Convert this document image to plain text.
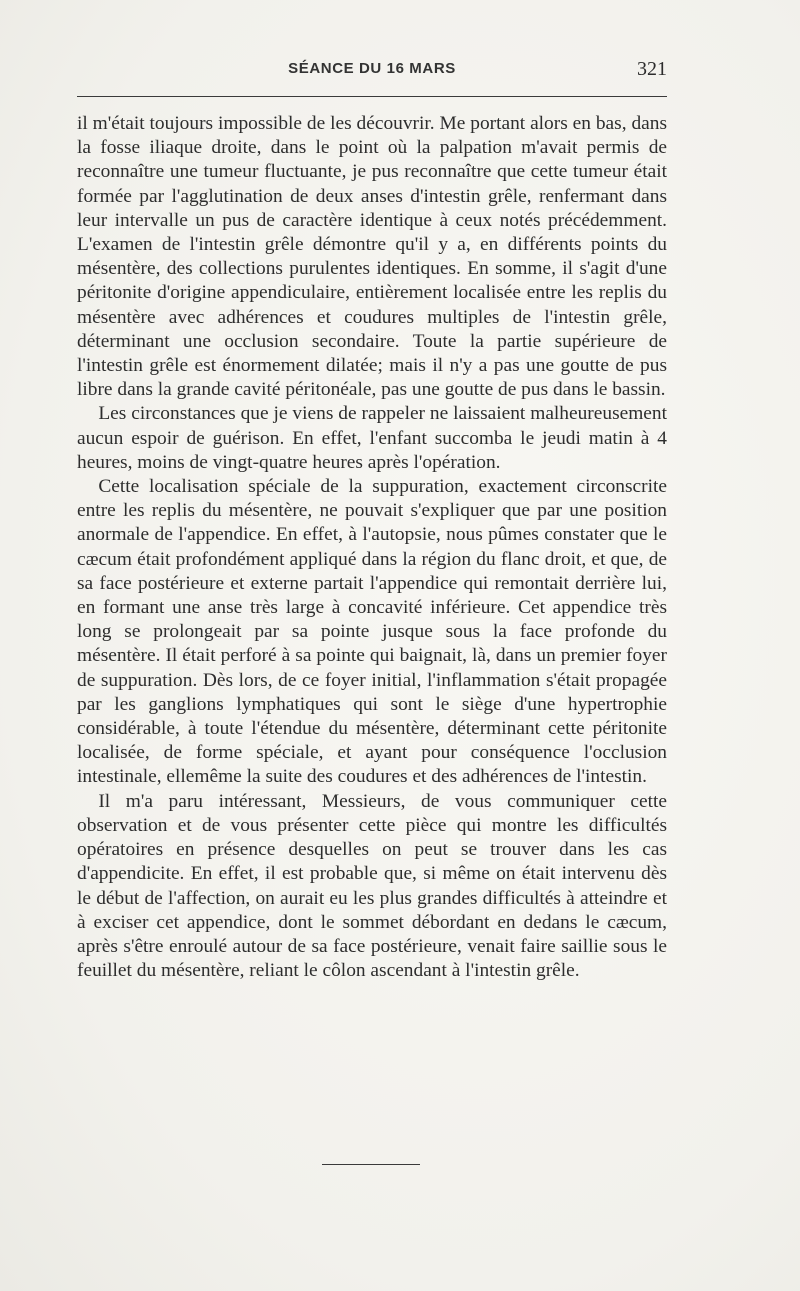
SÉANCE DU 16 MARS	321

il m'était toujours impossible de les découvrir. Me portant alors en bas, dans la fosse iliaque droite, dans le point où la palpation m'avait permis de reconnaître une tumeur fluctuante, je pus reconnaître que cette tumeur était formée par l'agglutination de deux anses d'intestin grêle, renfermant dans leur intervalle un pus de caractère identique à ceux notés précédemment. L'examen de l'intestin grêle démontre qu'il y a, en différents points du mésentère, des collections purulentes identiques. En somme, il s'agit d'une péritonite d'origine appendiculaire, entièrement localisée entre les replis du mésentère avec adhérences et coudures multiples de l'intestin grêle, déterminant une occlusion secondaire. Toute la partie supérieure de l'intestin grêle est énormement dilatée; mais il n'y a pas une goutte de pus libre dans la grande cavité péritonéale, pas une goutte de pus dans le bassin.

Les circonstances que je viens de rappeler ne laissaient malheureusement aucun espoir de guérison. En effet, l'enfant succomba le jeudi matin à 4 heures, moins de vingt-quatre heures après l'opération.

Cette localisation spéciale de la suppuration, exactement circonscrite entre les replis du mésentère, ne pouvait s'expliquer que par une position anormale de l'appendice. En effet, à l'autopsie, nous pûmes constater que le cæcum était profondément appliqué dans la région du flanc droit, et que, de sa face postérieure et externe partait l'appendice qui remontait derrière lui, en formant une anse très large à concavité inférieure. Cet appendice très long se prolongeait par sa pointe jusque sous la face profonde du mésentère. Il était perforé à sa pointe qui baignait, là, dans un premier foyer de suppuration. Dès lors, de ce foyer initial, l'inflammation s'était propagée par les ganglions lymphatiques qui sont le siège d'une hypertrophie considérable, à toute l'étendue du mésentère, déterminant cette péritonite localisée, de forme spéciale, et ayant pour conséquence l'occlusion intestinale, ellemême la suite des coudures et des adhérences de l'intestin.

Il m'a paru intéressant, Messieurs, de vous communiquer cette observation et de vous présenter cette pièce qui montre les difficultés opératoires en présence desquelles on peut se trouver dans les cas d'appendicite. En effet, il est probable que, si même on était intervenu dès le début de l'affection, on aurait eu les plus grandes difficultés à atteindre et à exciser cet appendice, dont le sommet débordant en dedans le cæcum, après s'être enroulé autour de sa face postérieure, venait faire saillie sous le feuillet du mésentère, reliant le côlon ascendant à l'intestin grêle.
